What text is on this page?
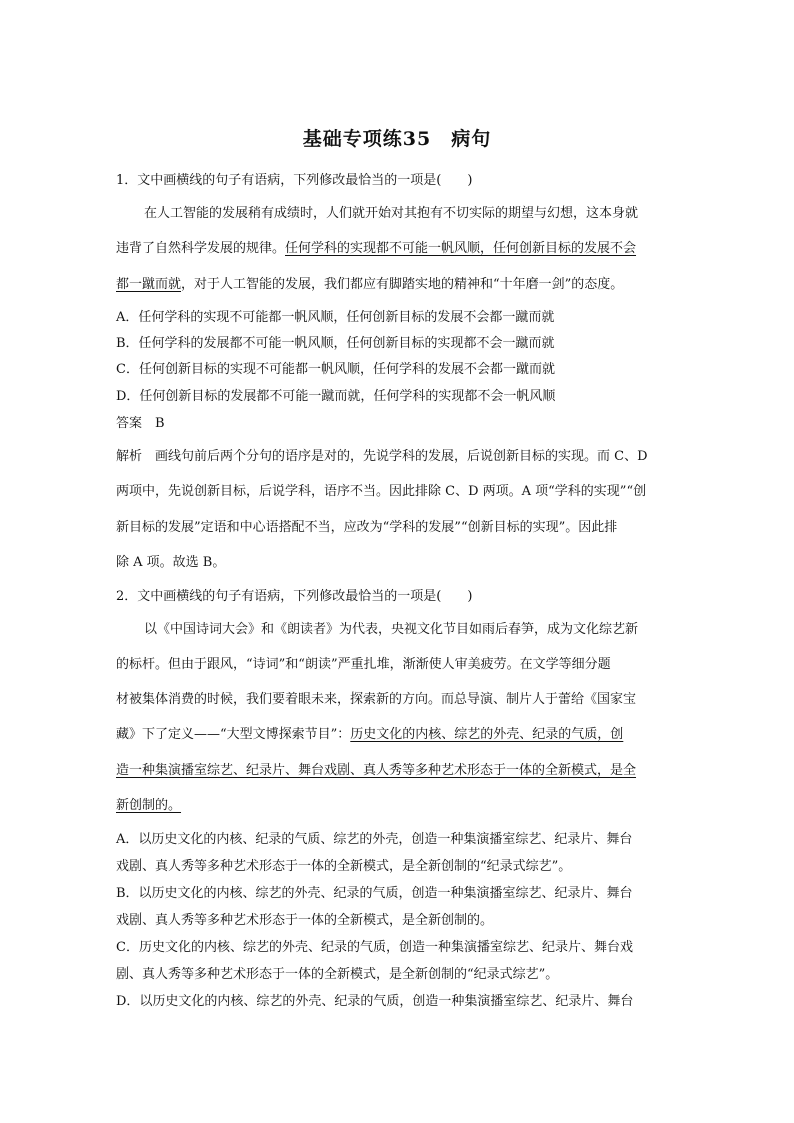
基础专项练35　病句
1．文中画横线的句子有语病，下列修改最恰当的一项是(　　)
在人工智能的发展稍有成绩时，人们就开始对其抱有不切实际的期望与幻想，这本身就
违背了自然科学发展的规律。任何学科的实现都不可能一帆风顺，任何创新目标的发展不会
都一蹴而就，对于人工智能的发展，我们都应有脚踏实地的精神和“十年磨一剑”的态度。
A．任何学科的实现不可能都一帆风顺，任何创新目标的发展不会都一蹴而就
B．任何学科的发展都不可能一帆风顺，任何创新目标的实现都不会一蹴而就
C．任何创新目标的实现不可能都一帆风顺，任何学科的发展不会都一蹴而就
D．任何创新目标的发展都不可能一蹴而就，任何学科的实现都不会一帆风顺
答案　B
解析　画线句前后两个分句的语序是对的，先说学科的发展，后说创新目标的实现。而 C、D
两项中，先说创新目标，后说学科，语序不当。因此排除 C、D 两项。A 项“学科的实现”“创
新目标的发展”定语和中心语搭配不当，应改为“学科的发展”“创新目标的实现”。因此排
除 A 项。故选 B。
2．文中画横线的句子有语病，下列修改最恰当的一项是(　　)
以《中国诗词大会》和《朗读者》为代表，央视文化节目如雨后春笋，成为文化综艺新
的标杆。但由于跟风，“诗词”和“朗读”严重扎堆，渐渐使人审美疲劳。在文学等细分题
材被集体消费的时候，我们要着眼未来，探索新的方向。而总导演、制片人于蕾给《国家宝
藏》下了定义——“大型文博探索节目”：历史文化的内核、综艺的外壳、纪录的气质，创
造一种集演播室综艺、纪录片、舞台戏剧、真人秀等多种艺术形态于一体的全新模式，是全
新创制的。
A．以历史文化的内核、纪录的气质、综艺的外壳，创造一种集演播室综艺、纪录片、舞台
戏剧、真人秀等多种艺术形态于一体的全新模式，是全新创制的“纪录式综艺”。
B．以历史文化的内核、综艺的外壳、纪录的气质，创造一种集演播室综艺、纪录片、舞台
戏剧、真人秀等多种艺术形态于一体的全新模式，是全新创制的。
C．历史文化的内核、综艺的外壳、纪录的气质，创造一种集演播室综艺、纪录片、舞台戏
剧、真人秀等多种艺术形态于一体的全新模式，是全新创制的“纪录式综艺”。
D．以历史文化的内核、综艺的外壳、纪录的气质，创造一种集演播室综艺、纪录片、舞台
